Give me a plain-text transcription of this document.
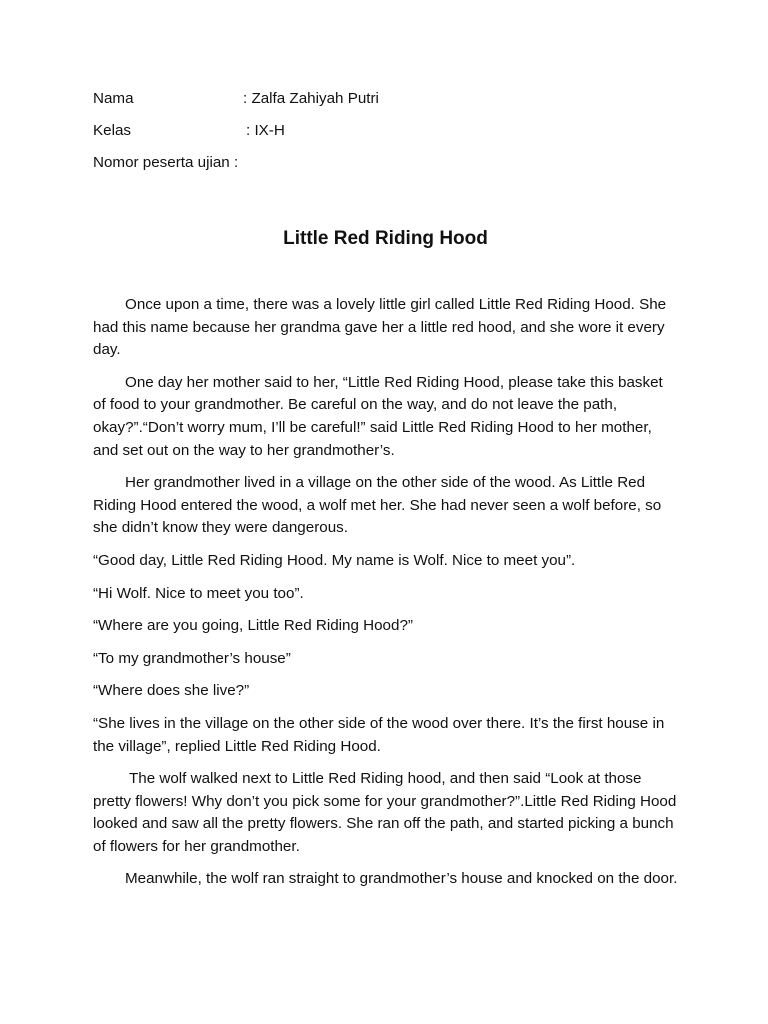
Nama	: Zalfa Zahiyah Putri
Kelas	: IX-H
Nomor peserta ujian :
Little Red Riding Hood

Once upon a time, there was a lovely little girl called Little Red Riding Hood. She had this name because her grandma gave her a little red hood, and she wore it every day.

One day her mother said to her, “Little Red Riding Hood, please take this basket of food to your grandmother. Be careful on the way, and do not leave the path, okay?”.“Don’t worry mum, I’ll be careful!” said Little Red Riding Hood to her mother, and set out on the way to her grandmother’s.

Her grandmother lived in a village on the other side of the wood. As Little Red Riding Hood entered the wood, a wolf met her. She had never seen a wolf before, so she didn’t know they were dangerous.

“Good day, Little Red Riding Hood. My name is Wolf. Nice to meet you”.

“Hi Wolf. Nice to meet you too”.

“Where are you going, Little Red Riding Hood?”

“To my grandmother’s house”

“Where does she live?”

“She lives in the village on the other side of the wood over there. It’s the first house in the village”, replied Little Red Riding Hood.

The wolf walked next to Little Red Riding hood, and then said “Look at those pretty flowers! Why don’t you pick some for your grandmother?”.Little Red Riding Hood looked and saw all the pretty flowers. She ran off the path, and started picking a bunch of flowers for her grandmother.

Meanwhile, the wolf ran straight to grandmother’s house and knocked on the door.
